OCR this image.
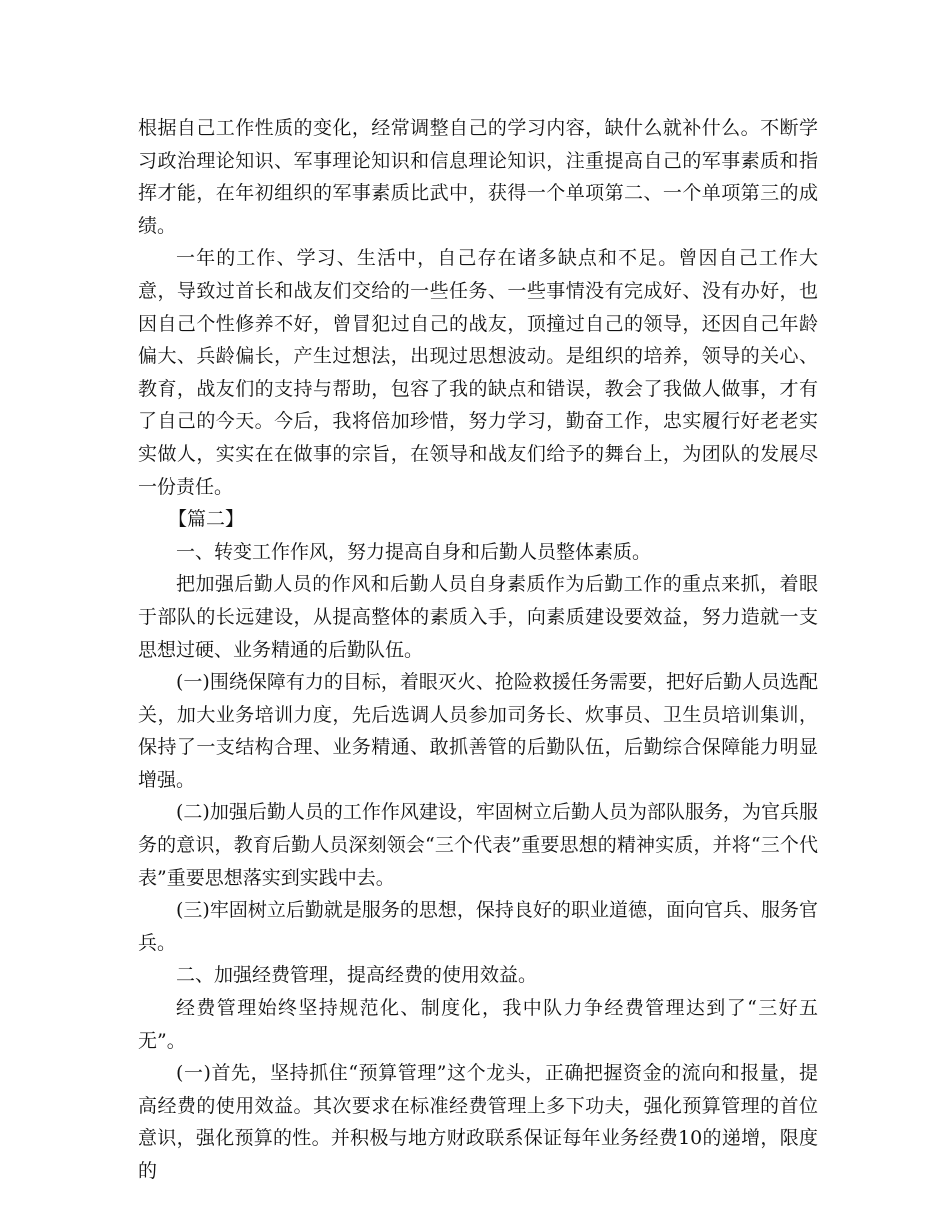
根据自己工作性质的变化，经常调整自己的学习内容，缺什么就补什么。不断学习政治理论知识、军事理论知识和信息理论知识，注重提高自己的军事素质和指挥才能，在年初组织的军事素质比武中，获得一个单项第二、一个单项第三的成绩。

一年的工作、学习、生活中，自己存在诸多缺点和不足。曾因自己工作大意，导致过首长和战友们交给的一些任务、一些事情没有完成好、没有办好，也因自己个性修养不好，曾冒犯过自己的战友，顶撞过自己的领导，还因自己年龄偏大、兵龄偏长，产生过想法，出现过思想波动。是组织的培养，领导的关心、教育，战友们的支持与帮助，包容了我的缺点和错误，教会了我做人做事，才有了自己的今天。今后，我将倍加珍惜，努力学习，勤奋工作，忠实履行好老老实实做人，实实在在做事的宗旨，在领导和战友们给予的舞台上，为团队的发展尽一份责任。

【篇二】

一、转变工作作风，努力提高自身和后勤人员整体素质。

把加强后勤人员的作风和后勤人员自身素质作为后勤工作的重点来抓，着眼于部队的长远建设，从提高整体的素质入手，向素质建设要效益，努力造就一支思想过硬、业务精通的后勤队伍。

(一)围绕保障有力的目标，着眼灭火、抢险救援任务需要，把好后勤人员选配关，加大业务培训力度，先后选调人员参加司务长、炊事员、卫生员培训集训，保持了一支结构合理、业务精通、敢抓善管的后勤队伍，后勤综合保障能力明显增强。

(二)加强后勤人员的工作作风建设，牢固树立后勤人员为部队服务，为官兵服务的意识，教育后勤人员深刻领会“三个代表”重要思想的精神实质，并将“三个代表”重要思想落实到实践中去。

(三)牢固树立后勤就是服务的思想，保持良好的职业道德，面向官兵、服务官兵。

二、加强经费管理，提高经费的使用效益。

经费管理始终坚持规范化、制度化，我中队力争经费管理达到了“三好五无”。

(一)首先，坚持抓住“预算管理”这个龙头，正确把握资金的流向和报量，提高经费的使用效益。其次要求在标准经费管理上多下功夫，强化预算管理的首位意识，强化预算的性。并积极与地方财政联系保证每年业务经费10的递增，限度的
